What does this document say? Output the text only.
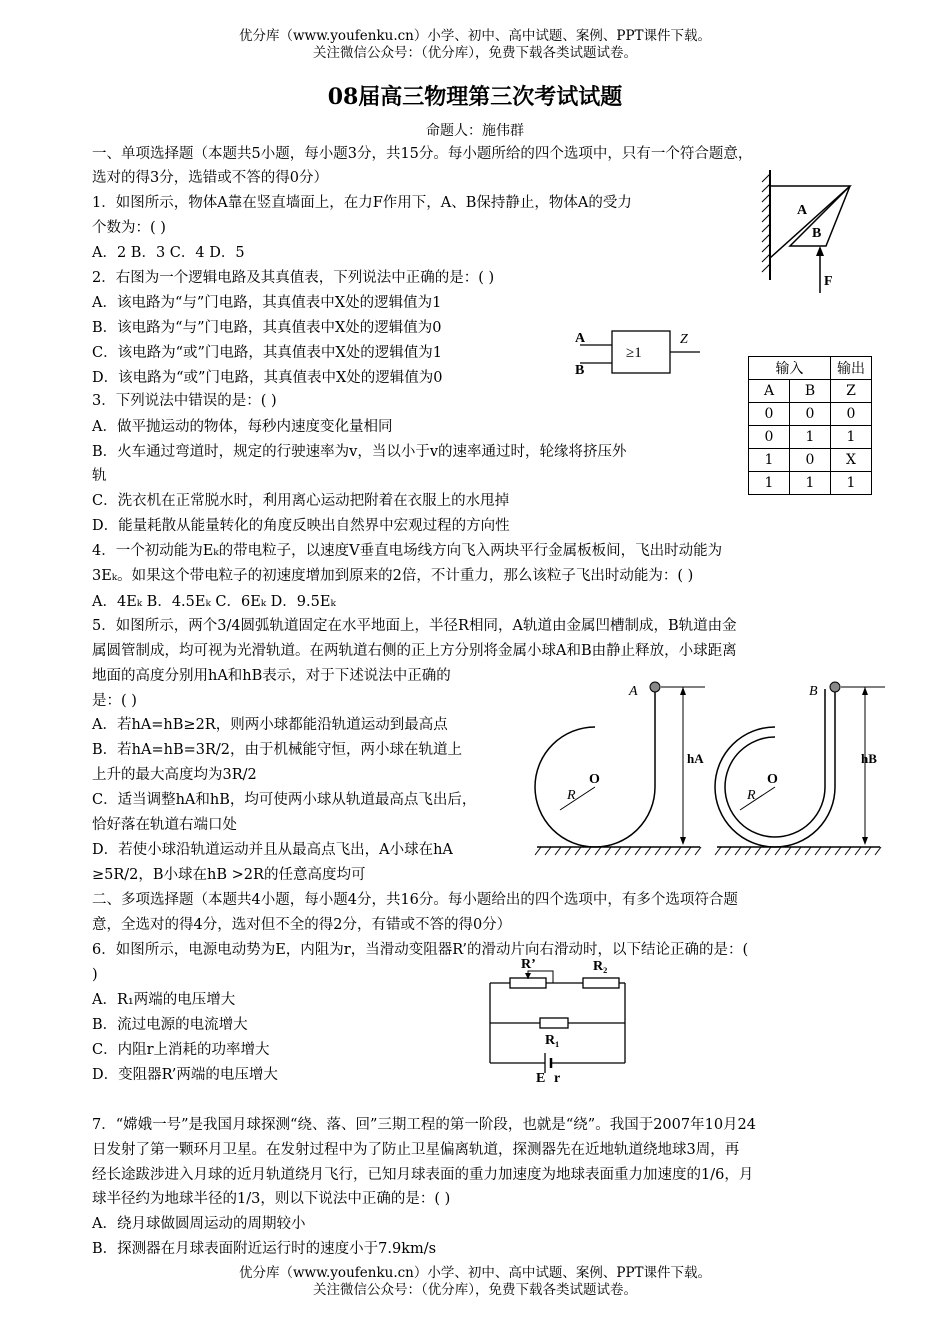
优分库（www.youfenku.cn）小学、初中、高中试题、案例、PPT课件下载。
关注微信公众号：（优分库），免费下载各类试题试卷。
08届高三物理第三次考试试题
命题人：施伟群
一、单项选择题（本题共5小题，每小题3分，共15分。每小题所给的四个选项中，只有一个符合题意，
选对的得3分，选错或不答的得0分）
1．如图所示，物体A靠在竖直墙面上，在力F作用下，A、B保持静止，物体A的受力
个数为：( )
A．2 B．3 C．4 D．5
2．右图为一个逻辑电路及其真值表，下列说法中正确的是：( )
A．该电路为“与”门电路，其真值表中X处的逻辑值为1
B．该电路为“与”门电路，其真值表中X处的逻辑值为0
C．该电路为“或”门电路，其真值表中X处的逻辑值为1
D．该电路为“或”门电路，其真值表中X处的逻辑值为0
3．下列说法中错误的是：( )
A．做平抛运动的物体，每秒内速度变化量相同
B．火车通过弯道时，规定的行驶速率为v，当以小于v的速率通过时，轮缘将挤压外
轨
C．洗衣机在正常脱水时，利用离心运动把附着在衣服上的水甩掉
D．能量耗散从能量转化的角度反映出自然界中宏观过程的方向性
4．一个初动能为Eₖ的带电粒子，以速度V垂直电场线方向飞入两块平行金属板板间，飞出时动能为
3Eₖ。如果这个带电粒子的初速度增加到原来的2倍，不计重力，那么该粒子飞出时动能为：( )
A．4Eₖ B．4.5Eₖ C．6Eₖ D．9.5Eₖ
5．如图所示，两个3/4圆弧轨道固定在水平地面上，半径R相同，A轨道由金属凹槽制成，B轨道由金
属圆管制成，均可视为光滑轨道。在两轨道右侧的正上方分别将金属小球A和B由静止释放，小球距离
地面的高度分别用hA和hB表示，对于下述说法中正确的
是：( )
A．若hA=hB≥2R，则两小球都能沿轨道运动到最高点
B．若hA=hB=3R/2，由于机械能守恒，两小球在轨道上
上升的最大高度均为3R/2
C．适当调整hA和hB，均可使两小球从轨道最高点飞出后，
恰好落在轨道右端口处
D．若使小球沿轨道运动并且从最高点飞出，A小球在hA
≥5R/2，B小球在hB >2R的任意高度均可
二、多项选择题（本题共4小题，每小题4分，共16分。每小题给出的四个选项中，有多个选项符合题
意，全选对的得4分，选对但不全的得2分，有错或不答的得0分）
6．如图所示，电源电动势为E，内阻为r，当滑动变阻器R’的滑动片向右滑动时，以下结论正确的是：(
)
A．R₁两端的电压增大
B．流过电源的电流增大
C．内阻r上消耗的功率增大
D．变阻器R’两端的电压增大
7．“嫦娥一号”是我国月球探测“绕、落、回”三期工程的第一阶段，也就是“绕”。我国于2007年10月24
日发射了第一颗环月卫星。在发射过程中为了防止卫星偏离轨道，探测器先在近地轨道绕地球3周，再
经长途跋涉进入月球的近月轨道绕月飞行，已知月球表面的重力加速度为地球表面重力加速度的1/6，月
球半径约为地球半径的1/3，则以下说法中正确的是：( )
A．绕月球做圆周运动的周期较小
B．探测器在月球表面附近运行时的速度小于7.9km/s
优分库（www.youfenku.cn）小学、初中、高中试题、案例、PPT课件下载。
关注微信公众号：（优分库），免费下载各类试题试卷。
A
B
F
A
B
≥1
Z
输入		输出
A	B	Z
0	0	0
0	1	1
1	0	X
1	1	1
A
hA
O
R
B
hB
O
R
R’	R₂
R₁
E r
